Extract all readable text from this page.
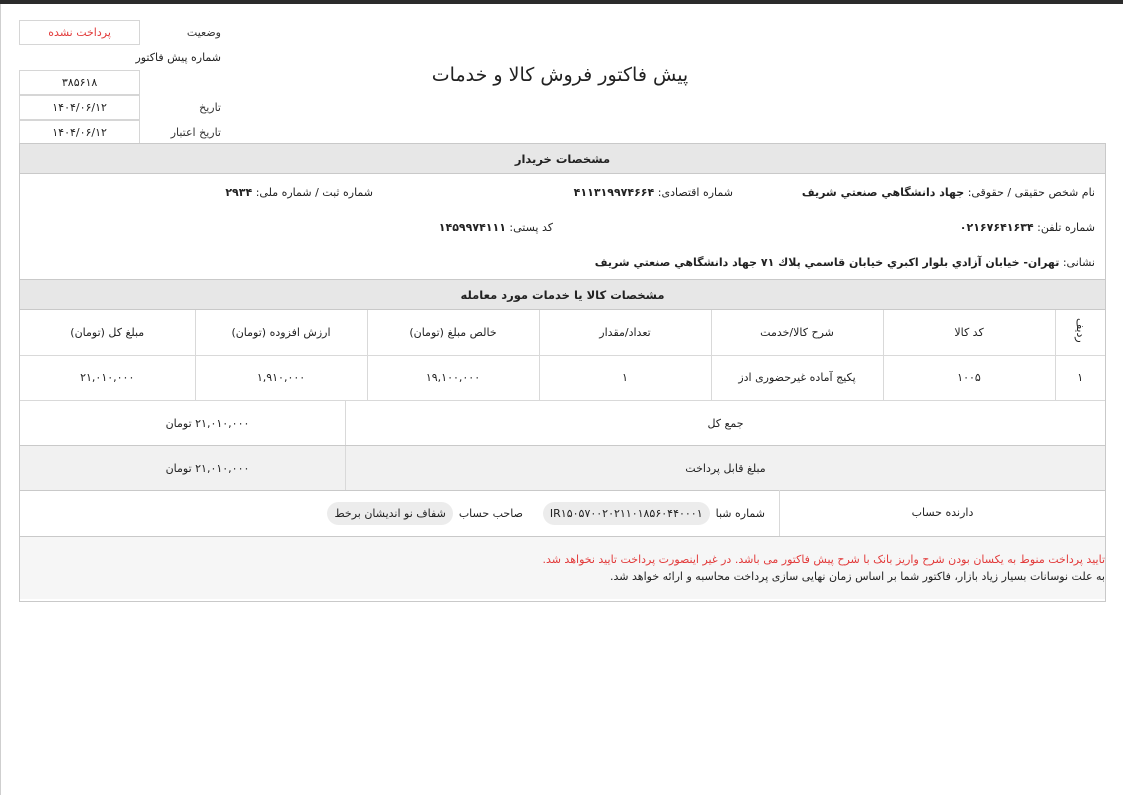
وضعیت
پرداخت نشده
شماره پیش فاکتور
۳۸۵۶۱۸
تاریخ
۱۴۰۴/۰۶/۱۲
تاریخ اعتبار
۱۴۰۴/۰۶/۱۲
پیش فاکتور فروش کالا و خدمات
مشخصات خریدار
نام شخص حقیقی / حقوقی: جهاد دانشگاهي صنعتي شريف
شماره اقتصادی: ۴۱۱۳۱۹۹۷۴۶۶۴
شماره ثبت / شماره ملی: ۲۹۳۴
شماره تلفن: ۰۲۱۶۷۶۴۱۶۳۴
کد پستی: ۱۴۵۹۹۷۴۱۱۱
نشانی: تهران- خیابان آزادي بلوار اكبري خيابان قاسمي پلاك ۷۱ جهاد دانشگاهي صنعتي شريف
مشخصات کالا یا خدمات مورد معامله
ردیف	کد کالا	شرح کالا/خدمت	تعداد/مقدار	خالص مبلغ (تومان)	ارزش افزوده (تومان)	مبلغ کل (تومان)
۱	۱۰۰۵	پکیج آماده غیرحضوری ادز	۱	۱۹,۱۰۰,۰۰۰	۱,۹۱۰,۰۰۰	۲۱,۰۱۰,۰۰۰
جمع کل
۲۱,۰۱۰,۰۰۰ تومان
مبلغ قابل پرداخت
۲۱,۰۱۰,۰۰۰ تومان
دارنده حساب
شماره شبا
IR۱۵۰۵۷۰۰۲۰۲۱۱۰۱۸۵۶۰۴۴۰۰۰۱
صاحب حساب
شفاف نو اندیشان برخط
تایید پرداخت منوط به یکسان بودن شرح واریز بانک با شرح پیش فاکتور می باشد. در غیر اینصورت پرداخت تایید نخواهد شد.
به علت نوسانات بسیار زیاد بازار، فاکتور شما بر اساس زمان نهایی سازی پرداخت محاسبه و ارائه خواهد شد.
